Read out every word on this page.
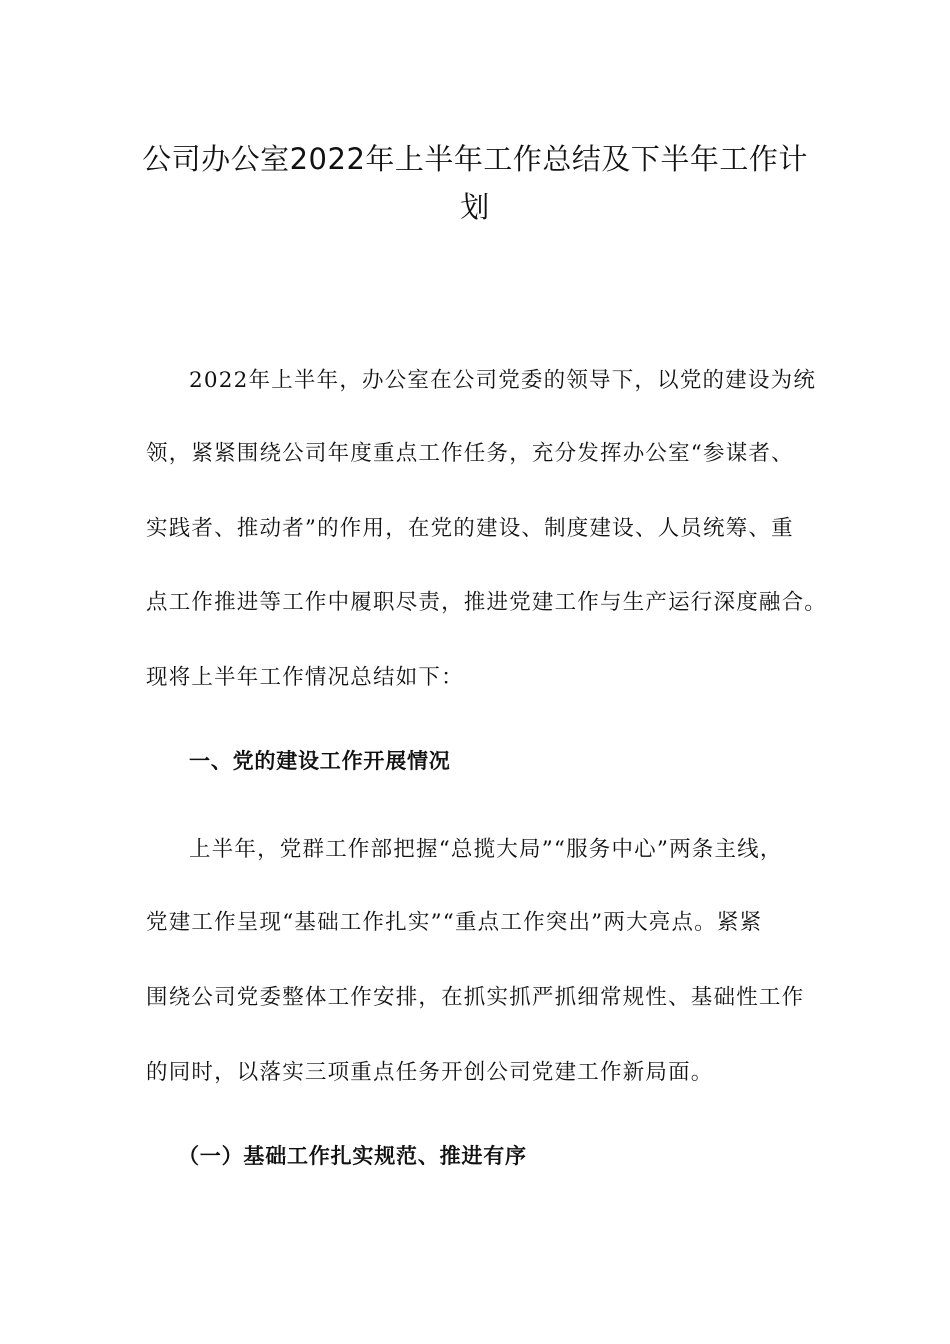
公司办公室2022年上半年工作总结及下半年工作计
划
2022年上半年，办公室在公司党委的领导下，以党的建设为统
领，紧紧围绕公司年度重点工作任务，充分发挥办公室“参谋者、
实践者、推动者”的作用，在党的建设、制度建设、人员统筹、重
点工作推进等工作中履职尽责，推进党建工作与生产运行深度融合。
现将上半年工作情况总结如下：
一、党的建设工作开展情况
上半年，党群工作部把握“总揽大局”“服务中心”两条主线，
党建工作呈现“基础工作扎实”“重点工作突出”两大亮点。紧紧
围绕公司党委整体工作安排，在抓实抓严抓细常规性、基础性工作
的同时，以落实三项重点任务开创公司党建工作新局面。
（一）基础工作扎实规范、推进有序
